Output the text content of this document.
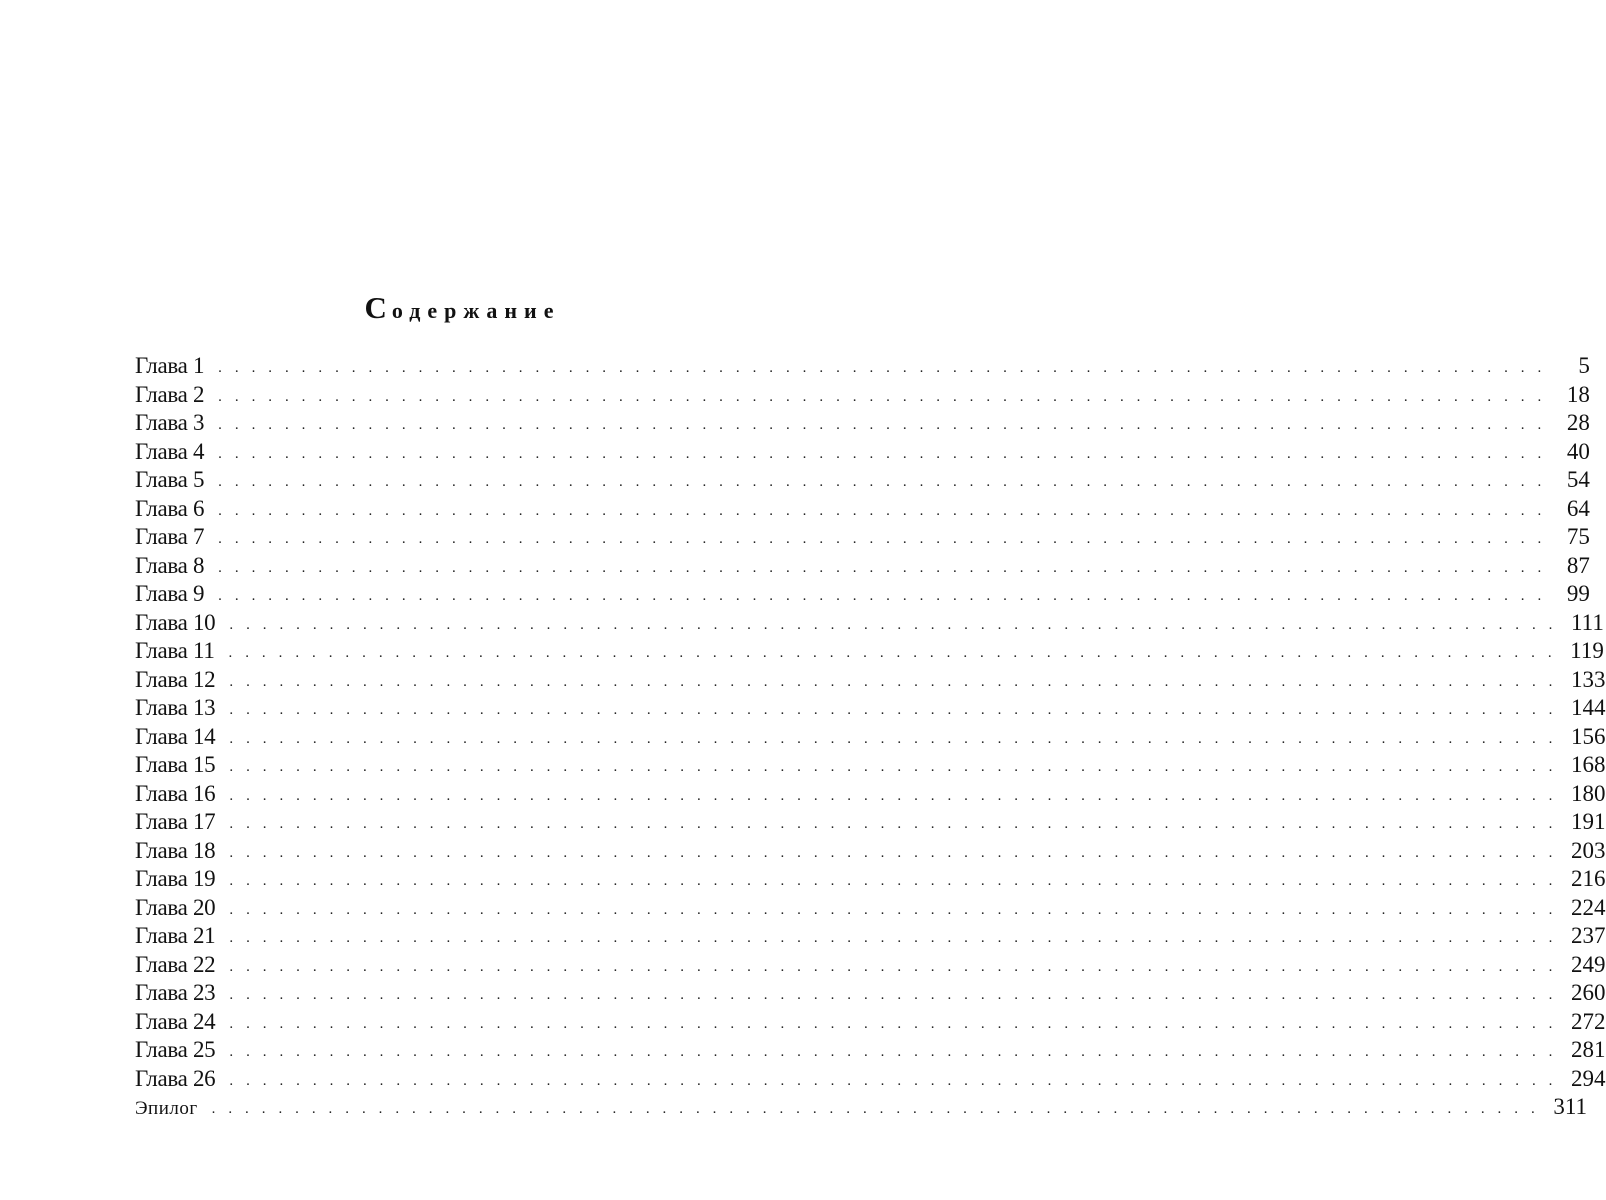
Содержание
Глава 1 . . . . . . . . . . . . . . . . . . . . . . . . . . . . . . . . . . . . . . . . . . . . . . . . . . . . . . . . . . . . . . . . . . . . . . . . . . . . . . . .	5
Глава 2 . . . . . . . . . . . . . . . . . . . . . . . . . . . . . . . . . . . . . . . . . . . . . . . . . . . . . . . . . . . . . . . . . . . . . . . . . . . . . . . . 18
Глава 3 . . . . . . . . . . . . . . . . . . . . . . . . . . . . . . . . . . . . . . . . . . . . . . . . . . . . . . . . . . . . . . . . . . . . . . . . . . . . . . . . 28
Глава 4 . . . . . . . . . . . . . . . . . . . . . . . . . . . . . . . . . . . . . . . . . . . . . . . . . . . . . . . . . . . . . . . . . . . . . . . . . . . . . . . . 40
Глава 5 . . . . . . . . . . . . . . . . . . . . . . . . . . . . . . . . . . . . . . . . . . . . . . . . . . . . . . . . . . . . . . . . . . . . . . . . . . . . . . . . 54
Глава 6 . . . . . . . . . . . . . . . . . . . . . . . . . . . . . . . . . . . . . . . . . . . . . . . . . . . . . . . . . . . . . . . . . . . . . . . . . . . . . . . . 64
Глава 7 . . . . . . . . . . . . . . . . . . . . . . . . . . . . . . . . . . . . . . . . . . . . . . . . . . . . . . . . . . . . . . . . . . . . . . . . . . . . . . . . 75
Глава 8 . . . . . . . . . . . . . . . . . . . . . . . . . . . . . . . . . . . . . . . . . . . . . . . . . . . . . . . . . . . . . . . . . . . . . . . . . . . . . . . . 87
Глава 9 . . . . . . . . . . . . . . . . . . . . . . . . . . . . . . . . . . . . . . . . . . . . . . . . . . . . . . . . . . . . . . . . . . . . . . . . . . . . . . . . 99
Глава 10 . . . . . . . . . . . . . . . . . . . . . . . . . . . . . . . . . . . . . . . . . . . . . . . . . . . . . . . . . . . . . . . . . . . . . . . . . . . . . . . . 111
Глава 11 . . . . . . . . . . . . . . . . . . . . . . . . . . . . . . . . . . . . . . . . . . . . . . . . . . . . . . . . . . . . . . . . . . . . . . . . . . . . . . . . 119
Глава 12 . . . . . . . . . . . . . . . . . . . . . . . . . . . . . . . . . . . . . . . . . . . . . . . . . . . . . . . . . . . . . . . . . . . . . . . . . . . . . . . . 133
Глава 13 . . . . . . . . . . . . . . . . . . . . . . . . . . . . . . . . . . . . . . . . . . . . . . . . . . . . . . . . . . . . . . . . . . . . . . . . . . . . . . . . 144
Глава 14 . . . . . . . . . . . . . . . . . . . . . . . . . . . . . . . . . . . . . . . . . . . . . . . . . . . . . . . . . . . . . . . . . . . . . . . . . . . . . . . . 156
Глава 15 . . . . . . . . . . . . . . . . . . . . . . . . . . . . . . . . . . . . . . . . . . . . . . . . . . . . . . . . . . . . . . . . . . . . . . . . . . . . . . . . 168
Глава 16 . . . . . . . . . . . . . . . . . . . . . . . . . . . . . . . . . . . . . . . . . . . . . . . . . . . . . . . . . . . . . . . . . . . . . . . . . . . . . . . . 180
Глава 17 . . . . . . . . . . . . . . . . . . . . . . . . . . . . . . . . . . . . . . . . . . . . . . . . . . . . . . . . . . . . . . . . . . . . . . . . . . . . . . . . 191
Глава 18 . . . . . . . . . . . . . . . . . . . . . . . . . . . . . . . . . . . . . . . . . . . . . . . . . . . . . . . . . . . . . . . . . . . . . . . . . . . . . . . . 203
Глава 19 . . . . . . . . . . . . . . . . . . . . . . . . . . . . . . . . . . . . . . . . . . . . . . . . . . . . . . . . . . . . . . . . . . . . . . . . . . . . . . . . 216
Глава 20 . . . . . . . . . . . . . . . . . . . . . . . . . . . . . . . . . . . . . . . . . . . . . . . . . . . . . . . . . . . . . . . . . . . . . . . . . . . . . . . . 224
Глава 21 . . . . . . . . . . . . . . . . . . . . . . . . . . . . . . . . . . . . . . . . . . . . . . . . . . . . . . . . . . . . . . . . . . . . . . . . . . . . . . . . 237
Глава 22 . . . . . . . . . . . . . . . . . . . . . . . . . . . . . . . . . . . . . . . . . . . . . . . . . . . . . . . . . . . . . . . . . . . . . . . . . . . . . . . . 249
Глава 23 . . . . . . . . . . . . . . . . . . . . . . . . . . . . . . . . . . . . . . . . . . . . . . . . . . . . . . . . . . . . . . . . . . . . . . . . . . . . . . . . 260
Глава 24 . . . . . . . . . . . . . . . . . . . . . . . . . . . . . . . . . . . . . . . . . . . . . . . . . . . . . . . . . . . . . . . . . . . . . . . . . . . . . . . . 272
Глава 25 . . . . . . . . . . . . . . . . . . . . . . . . . . . . . . . . . . . . . . . . . . . . . . . . . . . . . . . . . . . . . . . . . . . . . . . . . . . . . . . . 281
Глава 26 . . . . . . . . . . . . . . . . . . . . . . . . . . . . . . . . . . . . . . . . . . . . . . . . . . . . . . . . . . . . . . . . . . . . . . . . . . . . . . . . 294
Эпилог . . . . . . . . . . . . . . . . . . . . . . . . . . . . . . . . . . . . . . . . . . . . . . . . . . . . . . . . . . . . . . . . . . . . . . . . . . . . . . . . 311
